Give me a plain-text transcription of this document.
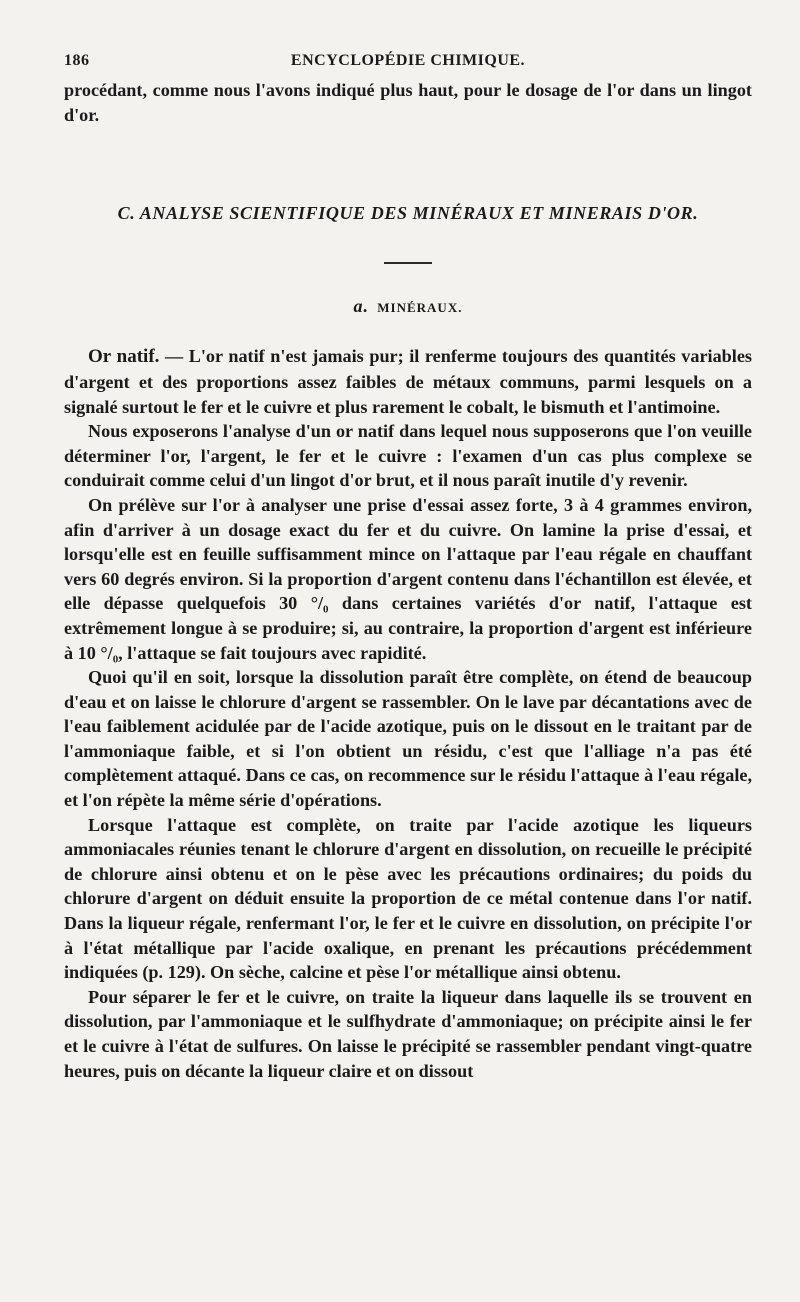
186	ENCYCLOPÉDIE CHIMIQUE.

procédant, comme nous l'avons indiqué plus haut, pour le dosage de l'or dans un lingot d'or.

C. ANALYSE SCIENTIFIQUE DES MINÉRAUX ET MINERAIS D'OR.
a. MINÉRAUX.

Or natif. — L'or natif n'est jamais pur; il renferme toujours des quantités variables d'argent et des proportions assez faibles de métaux communs, parmi lesquels on a signalé surtout le fer et le cuivre et plus rarement le cobalt, le bismuth et l'antimoine.

Nous exposerons l'analyse d'un or natif dans lequel nous supposerons que l'on veuille déterminer l'or, l'argent, le fer et le cuivre : l'examen d'un cas plus complexe se conduirait comme celui d'un lingot d'or brut, et il nous paraît inutile d'y revenir.

On prélève sur l'or à analyser une prise d'essai assez forte, 3 à 4 grammes environ, afin d'arriver à un dosage exact du fer et du cuivre. On lamine la prise d'essai, et lorsqu'elle est en feuille suffisamment mince on l'attaque par l'eau régale en chauffant vers 60 degrés environ. Si la proportion d'argent contenu dans l'échantillon est élevée, et elle dépasse quelquefois 30 °/₀ dans certaines variétés d'or natif, l'attaque est extrêmement longue à se produire; si, au contraire, la proportion d'argent est inférieure à 10 °/₀, l'attaque se fait toujours avec rapidité.

Quoi qu'il en soit, lorsque la dissolution paraît être complète, on étend de beaucoup d'eau et on laisse le chlorure d'argent se rassembler. On le lave par décantations avec de l'eau faiblement acidulée par de l'acide azotique, puis on le dissout en le traitant par de l'ammoniaque faible, et si l'on obtient un résidu, c'est que l'alliage n'a pas été complètement attaqué. Dans ce cas, on recommence sur le résidu l'attaque à l'eau régale, et l'on répète la même série d'opérations.

Lorsque l'attaque est complète, on traite par l'acide azotique les liqueurs ammoniacales réunies tenant le chlorure d'argent en dissolution, on recueille le précipité de chlorure ainsi obtenu et on le pèse avec les précautions ordinaires; du poids du chlorure d'argent on déduit ensuite la proportion de ce métal contenue dans l'or natif. Dans la liqueur régale, renfermant l'or, le fer et le cuivre en dissolution, on précipite l'or à l'état métallique par l'acide oxalique, en prenant les précautions précédemment indiquées (p. 129). On sèche, calcine et pèse l'or métallique ainsi obtenu.

Pour séparer le fer et le cuivre, on traite la liqueur dans laquelle ils se trouvent en dissolution, par l'ammoniaque et le sulfhydrate d'ammoniaque; on précipite ainsi le fer et le cuivre à l'état de sulfures. On laisse le précipité se rassembler pendant vingt-quatre heures, puis on décante la liqueur claire et on dissout
